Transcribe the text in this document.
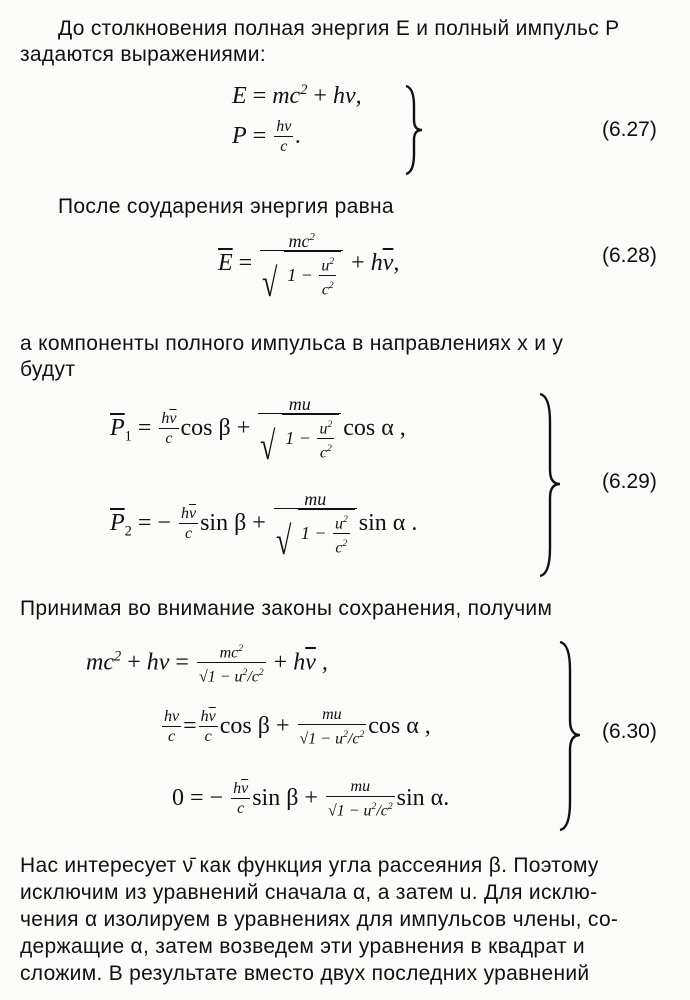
До столкновения полная энергия E и полный импульс P
задаются выражениями:
$E = mc^2 + h\nu$,
$P = \frac{h\nu}{c}$ .	(6.27)
После соударения энергия равна
$\overline{E} = \frac{mc^2}{√ 1 - \frac{u^2}{c^2}} + h\overline{\nu}$,	(6.28)
а компоненты полного импульса в направлениях x и y
будут
$\overline{P}_1 = \frac{h\overline{\nu}}{c}$ $\cos \beta + \frac{mu}{√ 1 - \frac{u^2}{c^2}}$ cos α ,
$\overline{P}_2$ = − $\frac{h\overline{\nu}}{c}$ $\sin \beta + \frac{mu}{√ 1 - \frac{u^2}{c^2}}$ sin α .
(6.29)
Принимая во внимание законы сохранения, получим
$mc^2 + h\nu = \frac{mc^2}{√1 - u^2/c^2} + h\overline{\nu}$ ,
$\frac{h\nu}{c} = \frac{h\overline{\nu}}{c}$ $\cos \beta + \frac{mu}{√1 - u^2/c^2}$ cos α ,
0 = − $\frac{h\overline{\nu}}{c}$ $\sin \beta + \frac{mu}{√1 - u^2/c^2}$ sin α.
(6.30)
Нас интересует ν̄ как функция угла рассеяния β. Поэтому
исключим из уравнений сначала α, а затем u. Для исклю-
чения α изолируем в уравнениях для импульсов члены, со-
держащие α, затем возведем эти уравнения в квадрат и
сложим. В результате вместо двух последних уравнений
